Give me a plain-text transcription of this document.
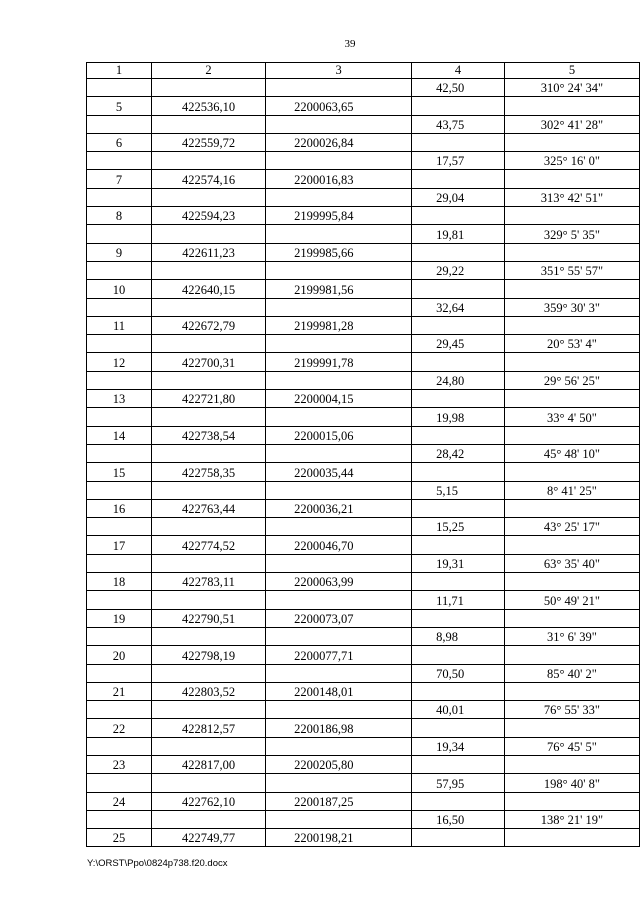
39
1	2	3	4	5
			42,50	310° 24' 34"
5	422536,10	2200063,65		
			43,75	302° 41' 28"
6	422559,72	2200026,84		
			17,57	325° 16' 0"
7	422574,16	2200016,83		
			29,04	313° 42' 51"
8	422594,23	2199995,84		
			19,81	329° 5' 35"
9	422611,23	2199985,66		
			29,22	351° 55' 57"
10	422640,15	2199981,56		
			32,64	359° 30' 3"
11	422672,79	2199981,28		
			29,45	20° 53' 4"
12	422700,31	2199991,78		
			24,80	29° 56' 25"
13	422721,80	2200004,15		
			19,98	33° 4' 50"
14	422738,54	2200015,06		
			28,42	45° 48' 10"
15	422758,35	2200035,44		
			5,15	8° 41' 25"
16	422763,44	2200036,21		
			15,25	43° 25' 17"
17	422774,52	2200046,70		
			19,31	63° 35' 40"
18	422783,11	2200063,99		
			11,71	50° 49' 21"
19	422790,51	2200073,07		
			8,98	31° 6' 39"
20	422798,19	2200077,71		
			70,50	85° 40' 2"
21	422803,52	2200148,01		
			40,01	76° 55' 33"
22	422812,57	2200186,98		
			19,34	76° 45' 5"
23	422817,00	2200205,80		
			57,95	198° 40' 8"
24	422762,10	2200187,25		
			16,50	138° 21' 19"
25	422749,77	2200198,21		
Y:\ORST\Ppo\0824p738.f20.docx
